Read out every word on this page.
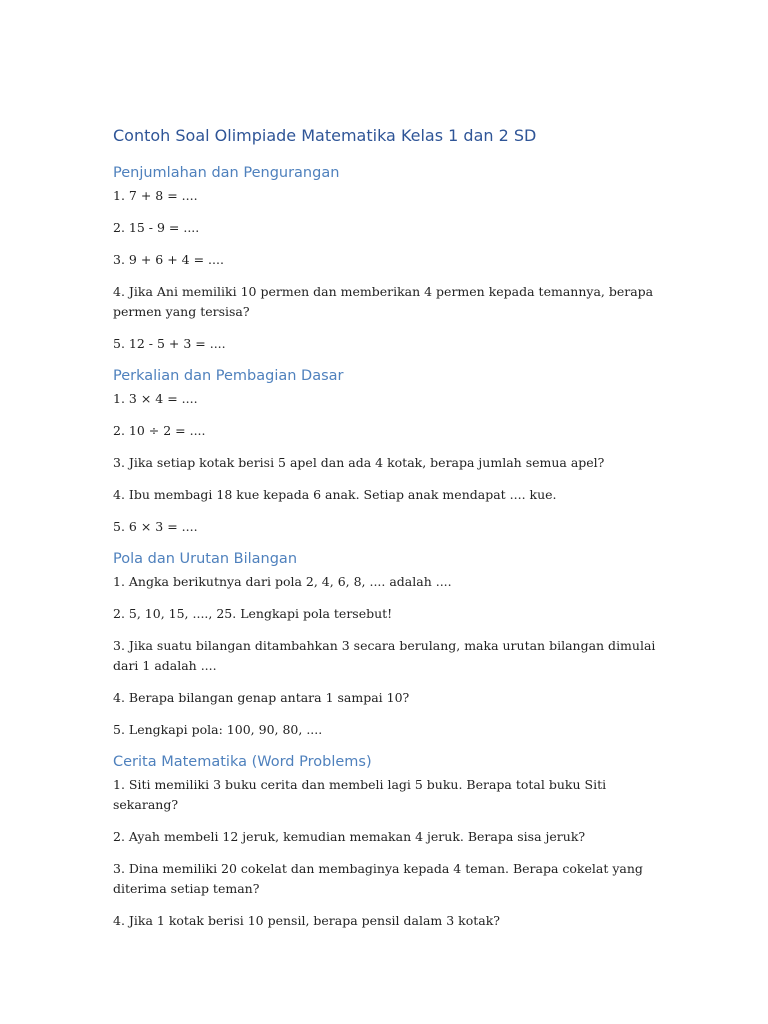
Contoh Soal Olimpiade Matematika Kelas 1 dan 2 SD
Penjumlahan dan Pengurangan

1. 7 + 8 = ....

2. 15 - 9 = ....

3. 9 + 6 + 4 = ....

4. Jika Ani memiliki 10 permen dan memberikan 4 permen kepada temannya, berapa permen yang tersisa?

5. 12 - 5 + 3 = ....

Perkalian dan Pembagian Dasar

1. 3 × 4 = ....

2. 10 ÷ 2 = ....

3. Jika setiap kotak berisi 5 apel dan ada 4 kotak, berapa jumlah semua apel?

4. Ibu membagi 18 kue kepada 6 anak. Setiap anak mendapat .... kue.

5. 6 × 3 = ....

Pola dan Urutan Bilangan

1. Angka berikutnya dari pola 2, 4, 6, 8, .... adalah ....

2. 5, 10, 15, ...., 25. Lengkapi pola tersebut!

3. Jika suatu bilangan ditambahkan 3 secara berulang, maka urutan bilangan dimulai dari 1 adalah ....

4. Berapa bilangan genap antara 1 sampai 10?

5. Lengkapi pola: 100, 90, 80, ....

Cerita Matematika (Word Problems)

1. Siti memiliki 3 buku cerita dan membeli lagi 5 buku. Berapa total buku Siti sekarang?

2. Ayah membeli 12 jeruk, kemudian memakan 4 jeruk. Berapa sisa jeruk?

3. Dina memiliki 20 cokelat dan membaginya kepada 4 teman. Berapa cokelat yang diterima setiap teman?

4. Jika 1 kotak berisi 10 pensil, berapa pensil dalam 3 kotak?
